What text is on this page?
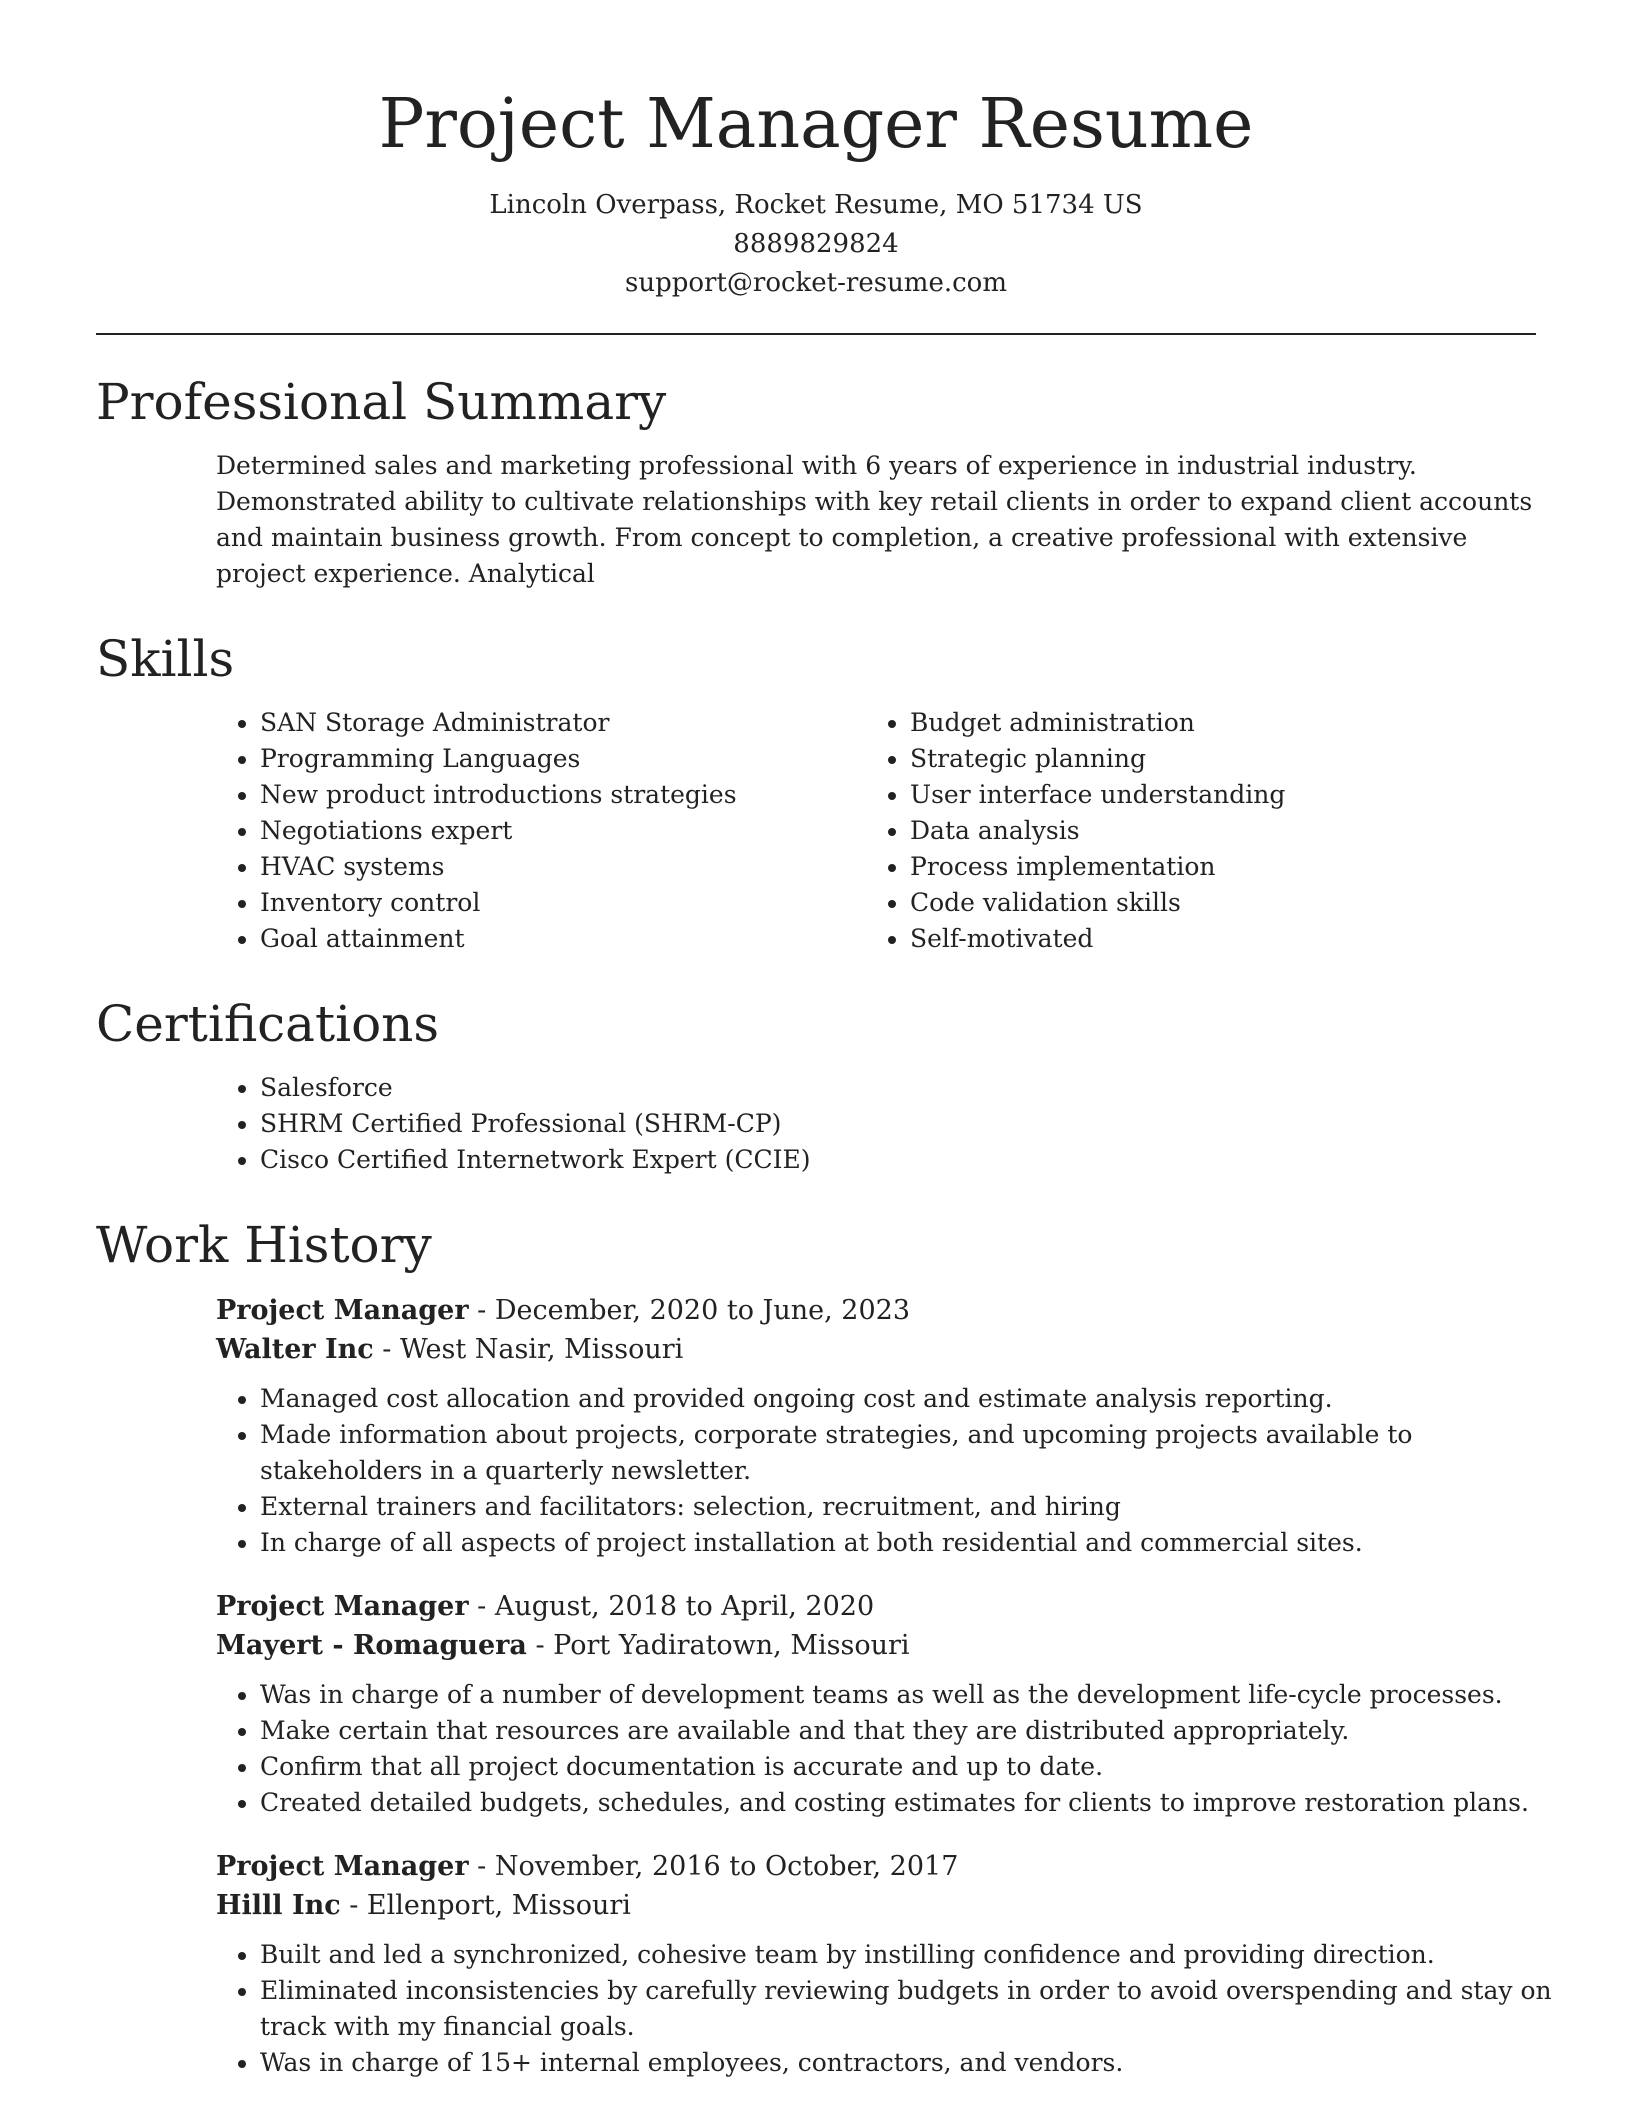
Project Manager Resume
Lincoln Overpass, Rocket Resume, MO 51734 US
8889829824
support@rocket-resume.com
Professional Summary

Determined sales and marketing professional with 6 years of experience in industrial industry. Demonstrated ability to cultivate relationships with key retail clients in order to expand client accounts and maintain business growth. From concept to completion, a creative professional with extensive project experience. Analytical

Skills
• SAN Storage Administrator
• Programming Languages
• New product introductions strategies
• Negotiations expert
• HVAC systems
• Inventory control
• Goal attainment
• Budget administration
• Strategic planning
• User interface understanding
• Data analysis
• Process implementation
• Code validation skills
• Self-motivated
Certifications
• Salesforce
• SHRM Certified Professional (SHRM-CP)
• Cisco Certified Internetwork Expert (CCIE)
Work History
Project Manager - December, 2020 to June, 2023
Walter Inc - West Nasir, Missouri
• Managed cost allocation and provided ongoing cost and estimate analysis reporting.
• Made information about projects, corporate strategies, and upcoming projects available to stakeholders in a quarterly newsletter.
• External trainers and facilitators: selection, recruitment, and hiring
• In charge of all aspects of project installation at both residential and commercial sites.
Project Manager - August, 2018 to April, 2020
Mayert - Romaguera - Port Yadiratown, Missouri
• Was in charge of a number of development teams as well as the development life-cycle processes.
• Make certain that resources are available and that they are distributed appropriately.
• Confirm that all project documentation is accurate and up to date.
• Created detailed budgets, schedules, and costing estimates for clients to improve restoration plans.
Project Manager - November, 2016 to October, 2017
Hilll Inc - Ellenport, Missouri
• Built and led a synchronized, cohesive team by instilling confidence and providing direction.
• Eliminated inconsistencies by carefully reviewing budgets in order to avoid overspending and stay on track with my financial goals.
• Was in charge of 15+ internal employees, contractors, and vendors.
